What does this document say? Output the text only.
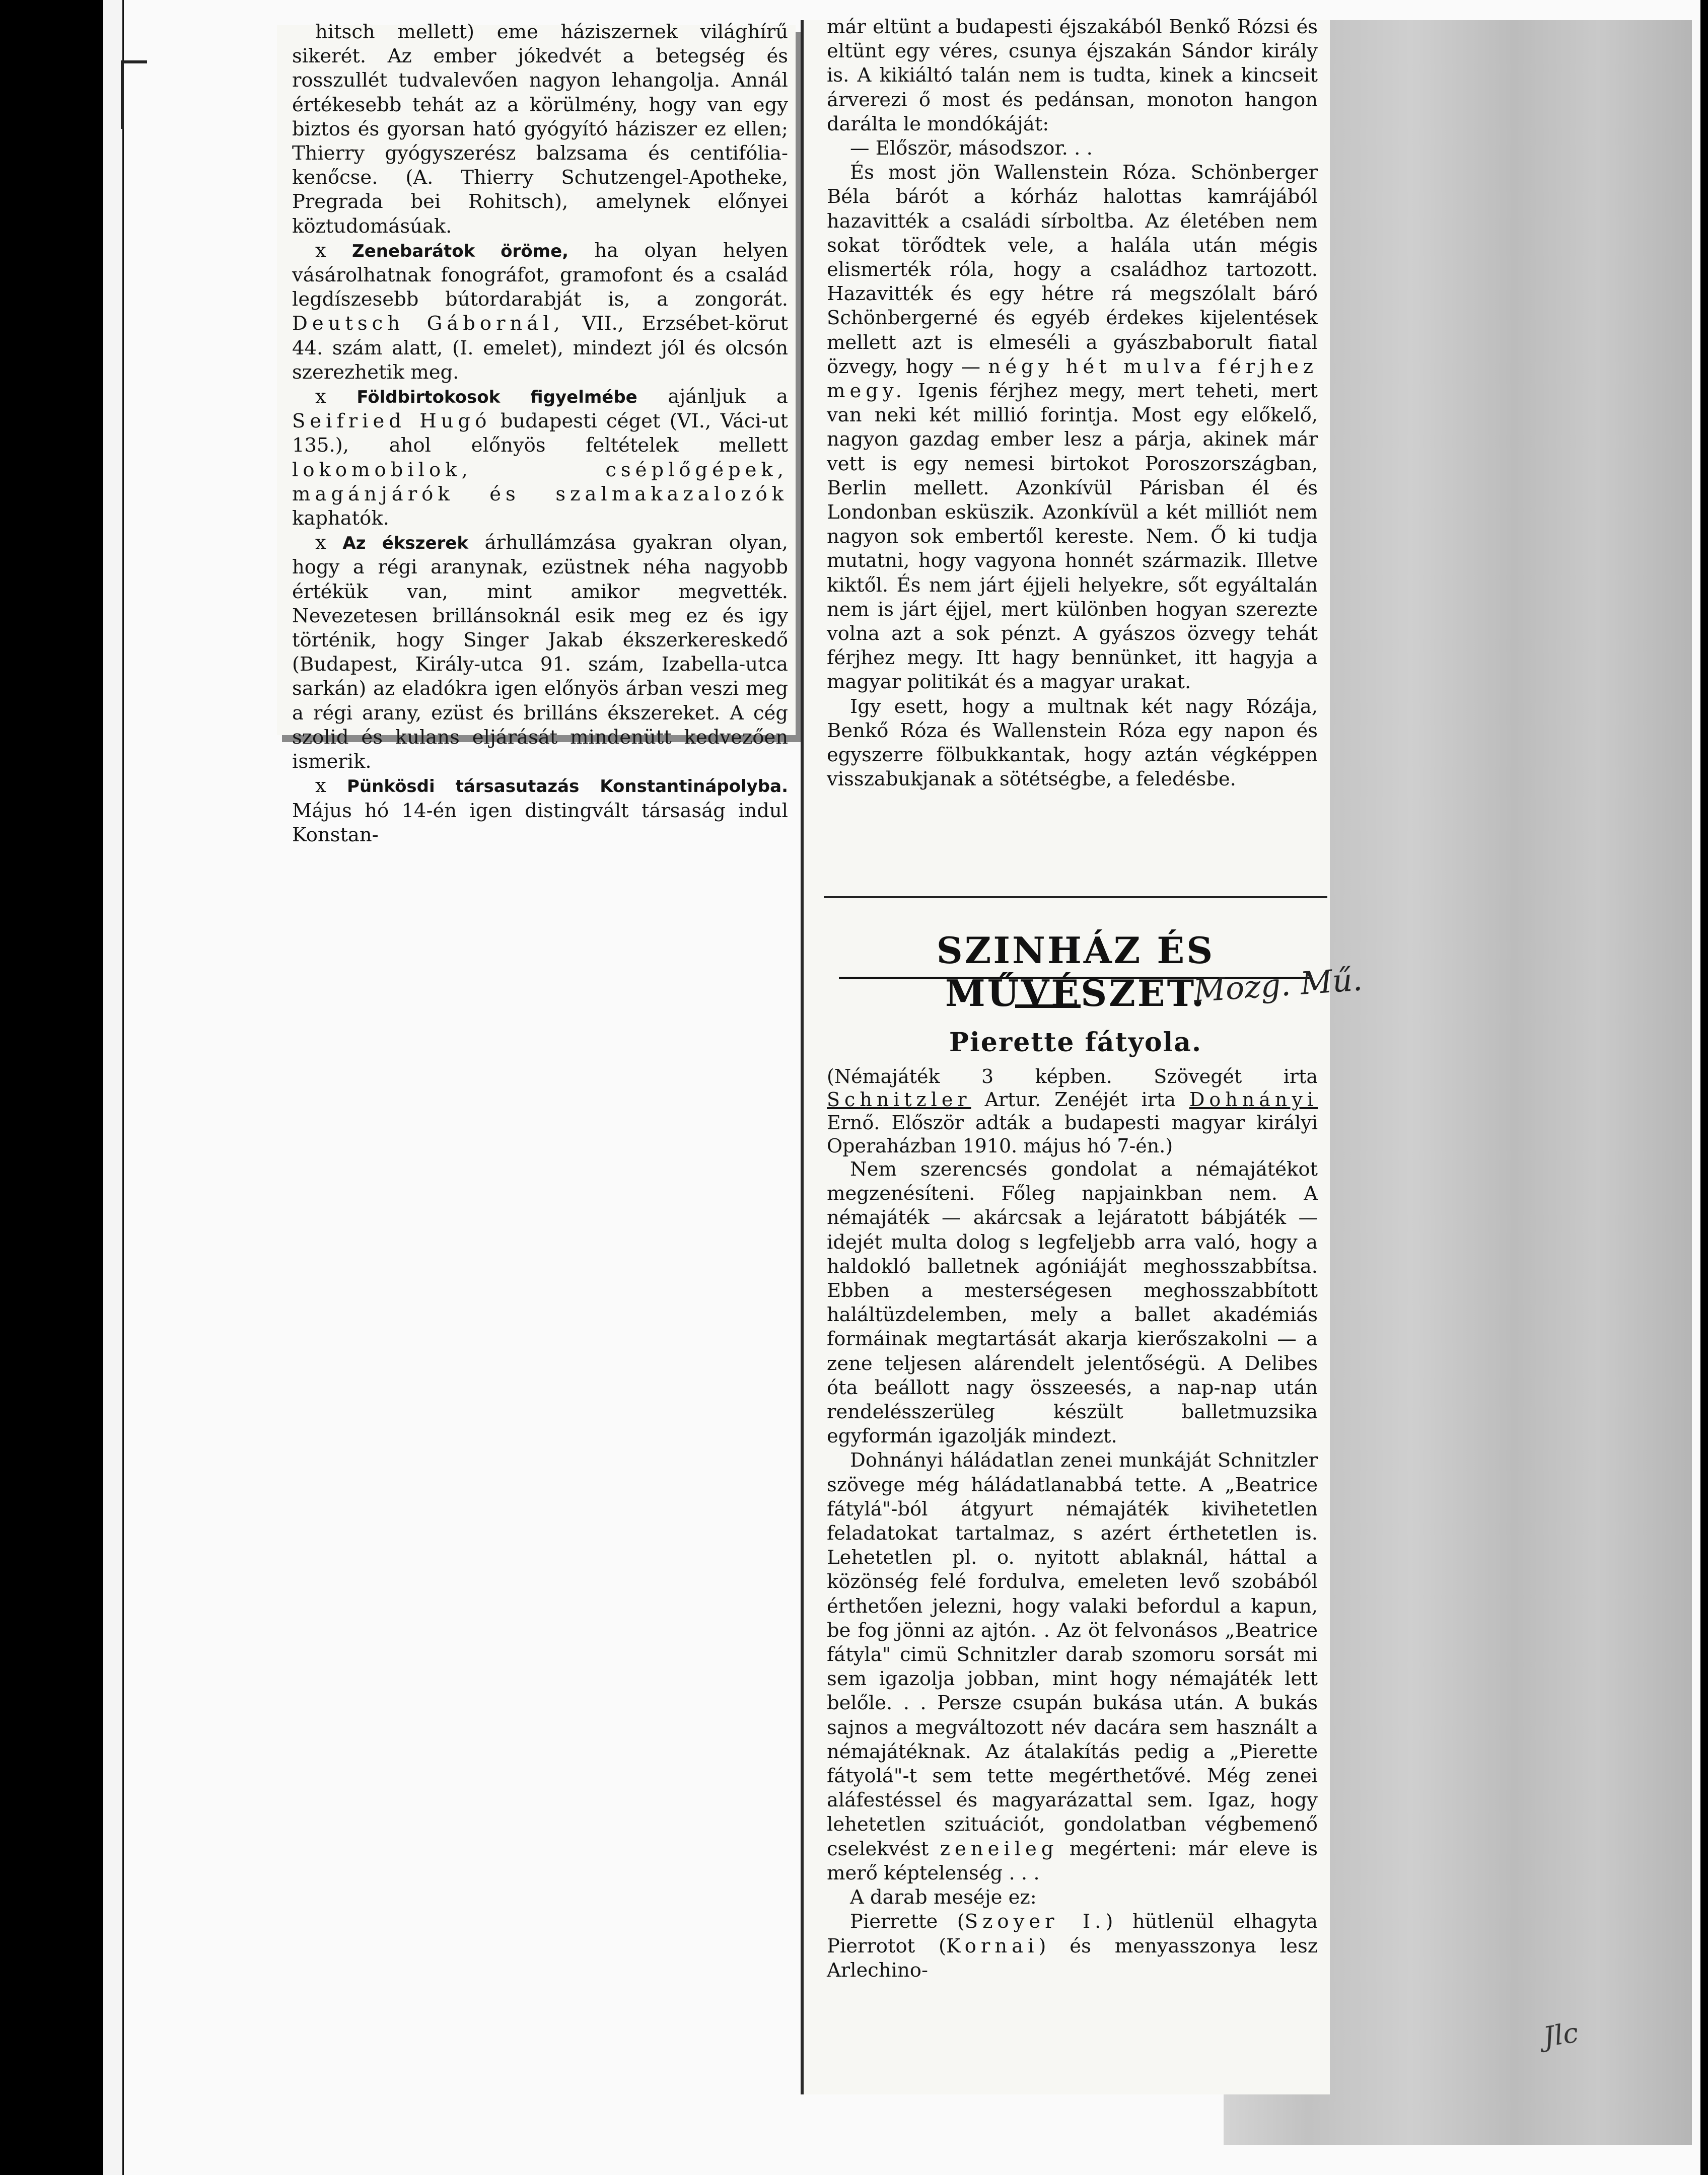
hitsch mellett) eme háziszernek világhírű sikerét. Az ember jókedvét a betegség és rosszullét tudvalevően nagyon lehangolja. Annál értékesebb tehát az a körülmény, hogy van egy biztos és gyorsan ható gyógyító háziszer ez ellen; Thierry gyógyszerész balzsama és centifólia-kenőcse. (A. Thierry Schutzengel-Apotheke, Pregrada bei Rohitsch), amelynek előnyei köztudomásúak.

x Zenebarátok öröme, ha olyan helyen vásárolhatnak fonográfot, gramofont és a család legdíszesebb bútordarabját is, a zongorát. Deutsch Gábornál, VII., Erzsébet-körut 44. szám alatt, (I. emelet), mindezt jól és olcsón szerezhetik meg.

x Földbirtokosok figyelmébe ajánljuk a Seifried Hugó budapesti céget (VI., Váci-ut 135.), ahol előnyös feltételek mellett lokomobilok, cséplőgépek, magánjárók és szalmakazalozók kaphatók.

x Az ékszerek árhullámzása gyakran olyan, hogy a régi aranynak, ezüstnek néha nagyobb értékük van, mint amikor megvették. Nevezetesen brillánsoknál esik meg ez és igy történik, hogy Singer Jakab ékszerkereskedő (Budapest, Király-utca 91. szám, Izabella-utca sarkán) az eladókra igen előnyös árban veszi meg a régi arany, ezüst és brilláns ékszereket. A cég szolid és kulans eljárását mindenütt kedvezően ismerik.

x Pünkösdi társasutazás Konstantinápolyba. Május hó 14-én igen distingvált társaság indul Konstan-

már eltünt a budapesti éjszakából Benkő Rózsi és eltünt egy véres, csunya éjszakán Sándor király is. A kikiáltó talán nem is tudta, kinek a kincseit árverezi ő most és pedánsan, monoton hangon darálta le mondókáját:

— Először, másodszor. . .

És most jön Wallenstein Róza. Schönberger Béla bárót a kórház halottas kamrájából hazavitték a családi sírboltba. Az életében nem sokat törődtek vele, a halála után mégis elismerték róla, hogy a családhoz tartozott. Hazavitték és egy hétre rá megszólalt báró Schönbergerné és egyéb érdekes kijelentések mellett azt is elmeséli a gyászbaborult fiatal özvegy, hogy — négy hét mulva férjhez megy. Igenis férjhez megy, mert teheti, mert van neki két millió forintja. Most egy előkelő, nagyon gazdag ember lesz a párja, akinek már vett is egy nemesi birtokot Poroszországban, Berlin mellett. Azonkívül Párisban él és Londonban esküszik. Azonkívül a két milliót nem nagyon sok embertől kereste. Nem. Ő ki tudja mutatni, hogy vagyona honnét származik. Illetve kiktől. És nem járt éjjeli helyekre, sőt egyáltalán nem is járt éjjel, mert különben hogyan szerezte volna azt a sok pénzt. A gyászos özvegy tehát férjhez megy. Itt hagy bennünket, itt hagyja a magyar politikát és a magyar urakat.

Igy esett, hogy a multnak két nagy Rózája, Benkő Róza és Wallenstein Róza egy napon és egyszerre fölbukkantak, hogy aztán végképpen visszabukjanak a sötétségbe, a feledésbe.

SZINHÁZ ÉS MŰVÉSZET.
Pierette fátyola.

(Némajáték 3 képben. Szövegét irta Schnitzler Artur. Zenéjét irta Dohnányi Ernő. Először adták a budapesti magyar királyi Operaházban 1910. május hó 7-én.)

Nem szerencsés gondolat a némajátékot megzenésíteni. Főleg napjainkban nem. A némajáték — akárcsak a lejáratott bábjáték — idejét multa dolog s legfeljebb arra való, hogy a haldokló balletnek agóniáját meghosszabbítsa. Ebben a mesterségesen meghosszabbított haláltüzdelemben, mely a ballet akadémiás formáinak megtartását akarja kierőszakolni — a zene teljesen alárendelt jelentőségü. A Delibes óta beállott nagy összeesés, a nap-nap után rendelésszerüleg készült balletmuzsika egyformán igazolják mindezt.

Dohnányi háládatlan zenei munkáját Schnitzler szövege még háládatlanabbá tette. A „Beatrice fátylá"-ból átgyurt némajáték kivihetetlen feladatokat tartalmaz, s azért érthetetlen is. Lehetetlen pl. o. nyitott ablaknál, háttal a közönség felé fordulva, emeleten levő szobából érthetően jelezni, hogy valaki befordul a kapun, be fog jönni az ajtón. . Az öt felvonásos „Beatrice fátyla" cimü Schnitzler darab szomoru sorsát mi sem igazolja jobban, mint hogy némajáték lett belőle. . . Persze csupán bukása után. A bukás sajnos a megváltozott név dacára sem használt a némajátéknak. Az átalakítás pedig a „Pierette fátyolá"-t sem tette megérthetővé. Még zenei aláfestéssel és magyarázattal sem. Igaz, hogy lehetetlen szituációt, gondolatban végbemenő cselekvést zeneileg megérteni: már eleve is merő képtelenség . . .

A darab meséje ez:

Pierrette (Szoyer I.) hütlenül elhagyta Pierrotot (Kornai) és menyasszonya lesz Arlechino-

Mozg. Mű.
Jlc
